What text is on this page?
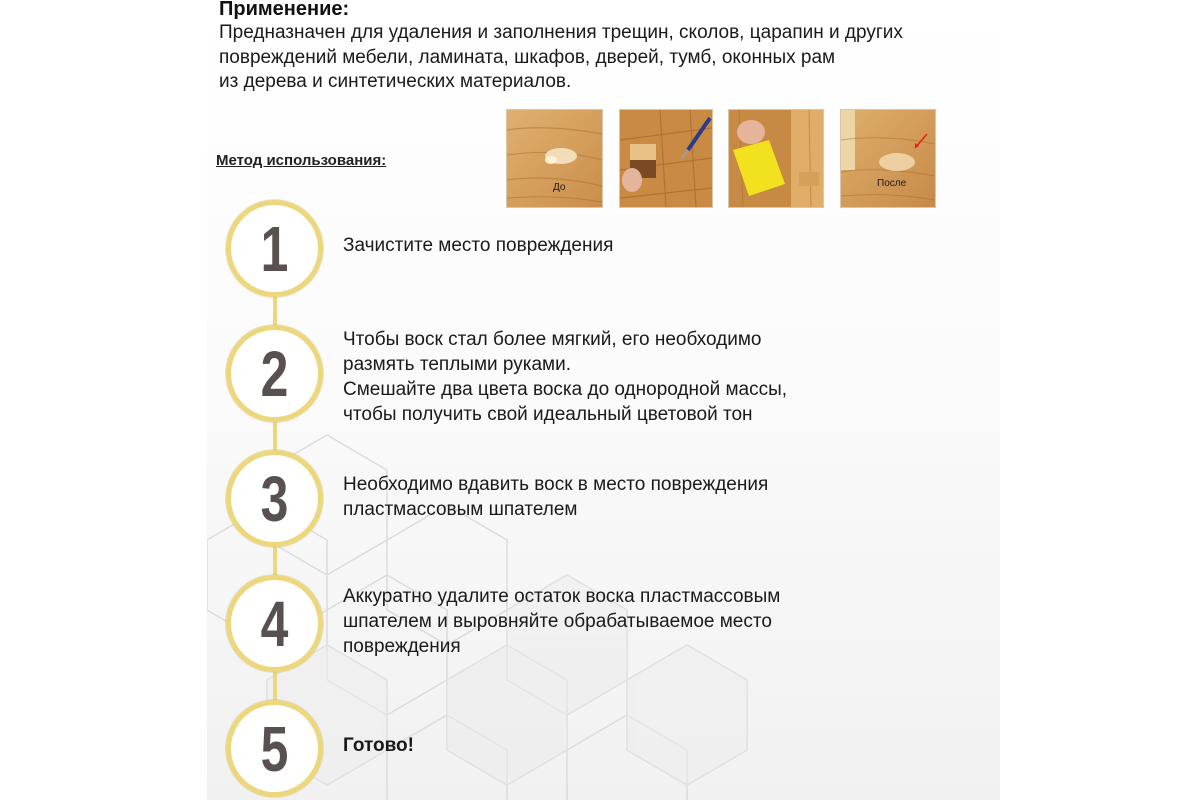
Применение:
Предназначен для удаления и заполнения трещин, сколов, царапин и других
повреждений мебели, ламината, шкафов, дверей, тумб, оконных рам
из дерева и синтетических материалов.
Метод использования:
До	После
1	Зачистите место повреждения
2	Чтобы воск стал более мягкий, его необходимо
размять теплыми руками.
Смешайте два цвета воска до однородной массы,
чтобы получить свой идеальный цветовой тон
3	Необходимо вдавить воск в место повреждения
пластмассовым шпателем
4	Аккуратно удалите остаток воска пластмассовым
шпателем и выровняйте обрабатываемое место
повреждения
5	Готово!
